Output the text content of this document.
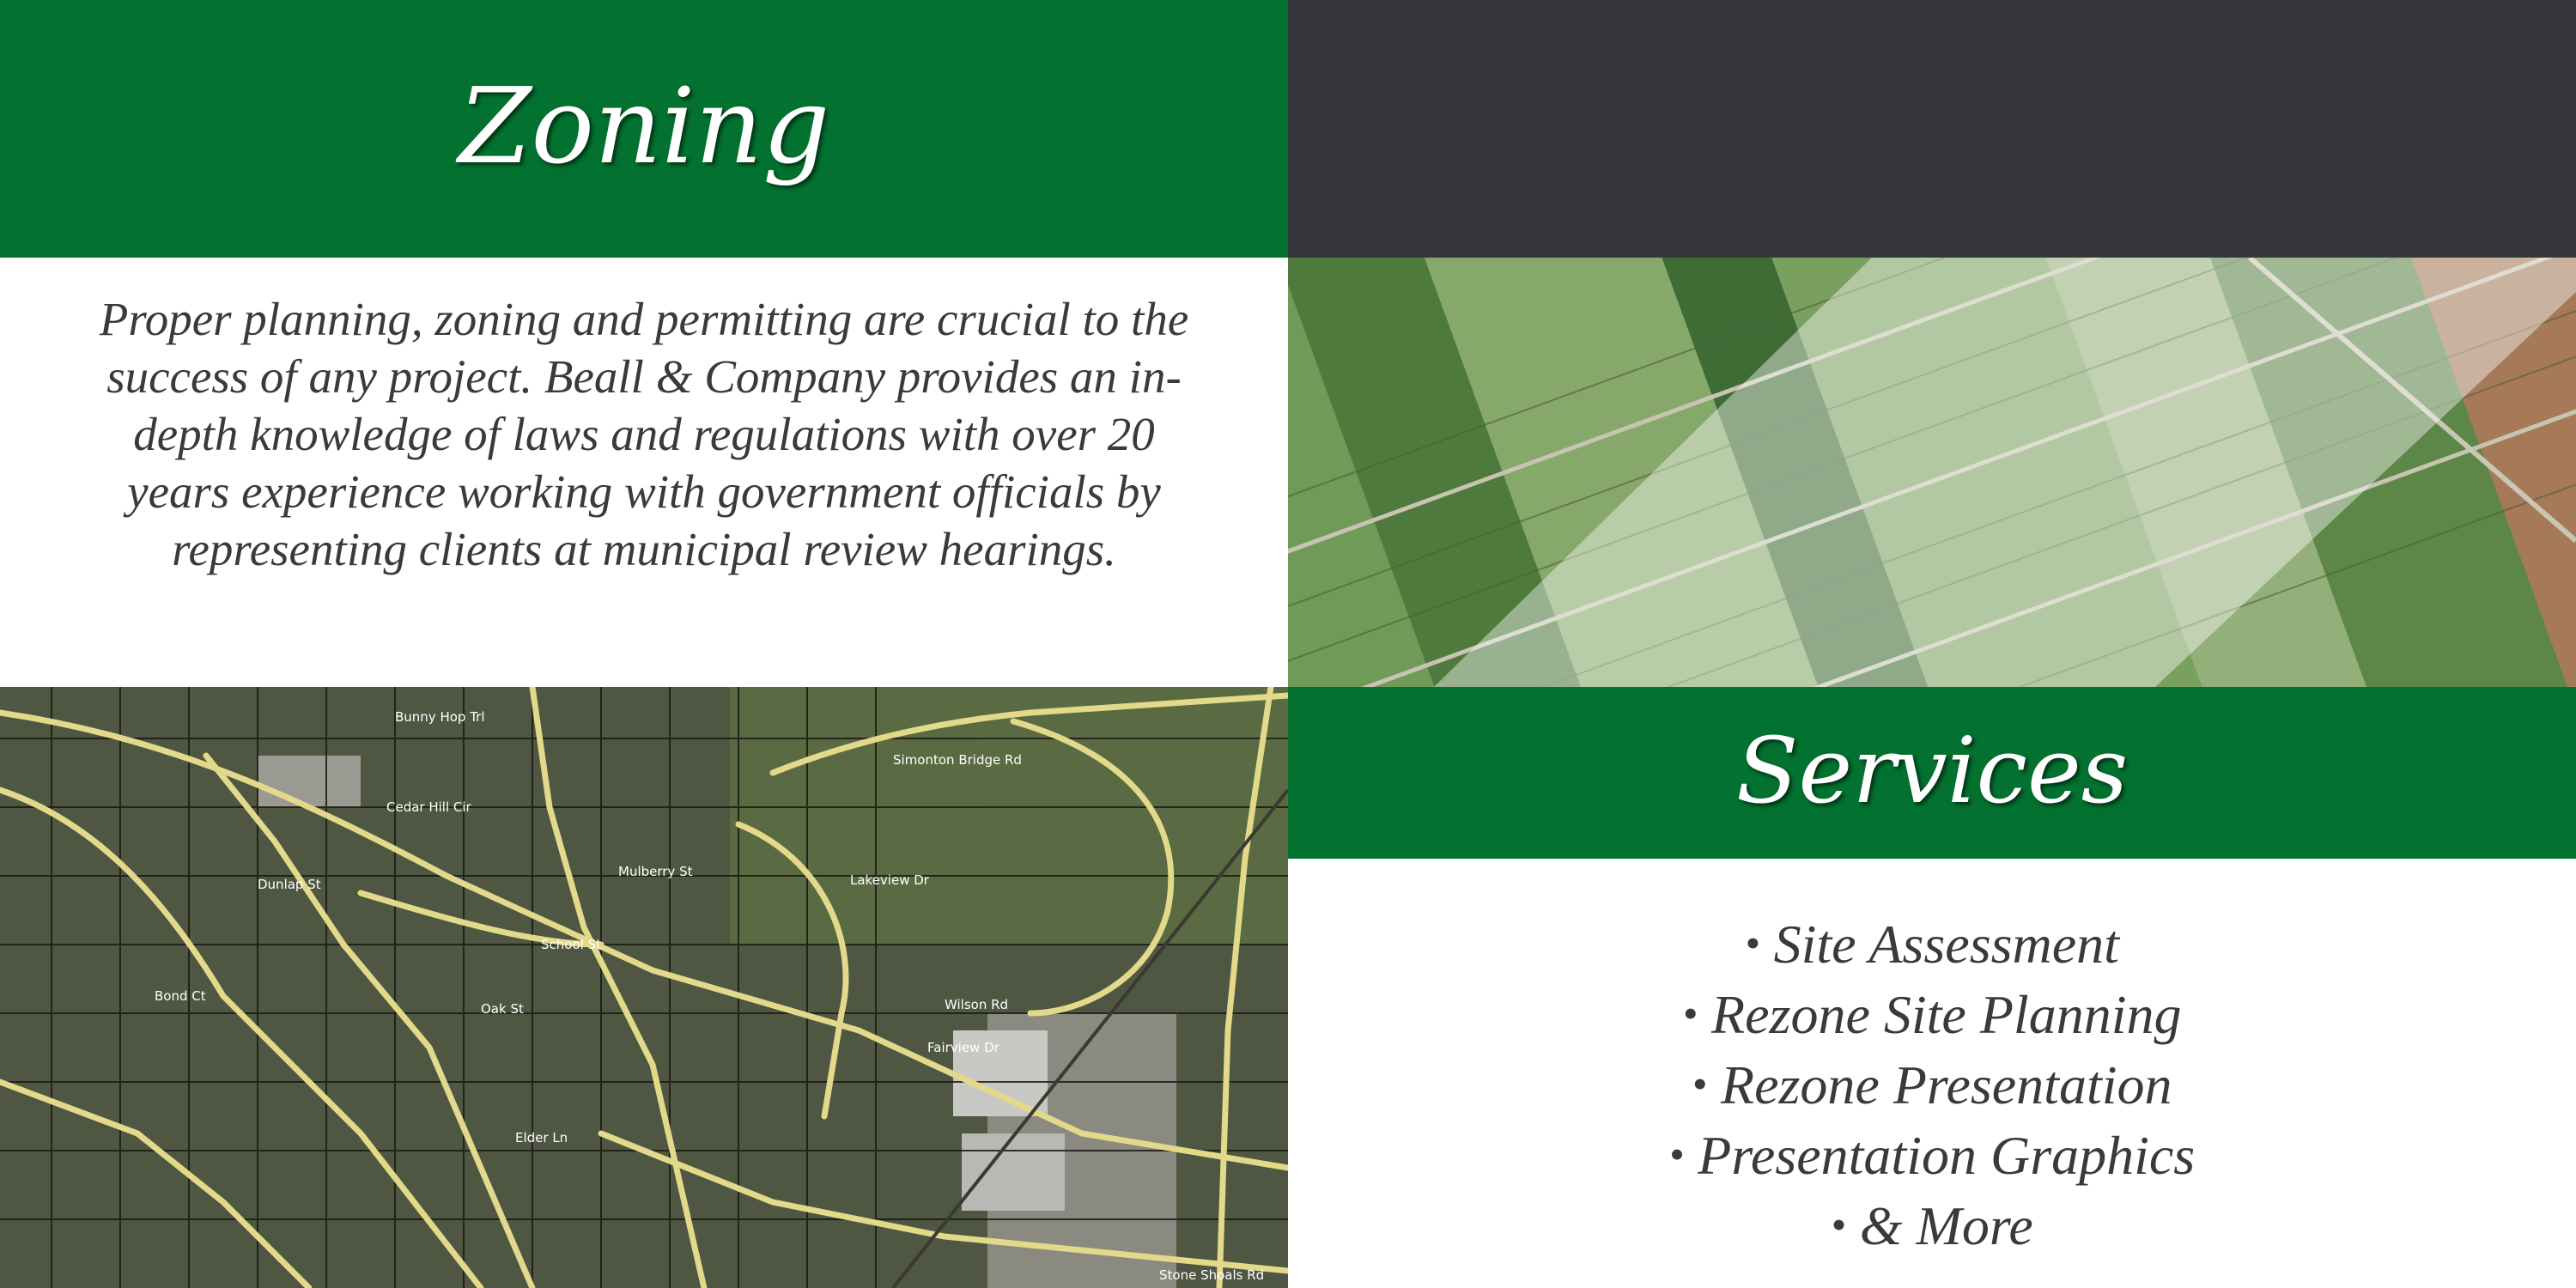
Zoning
Proper planning, zoning and permitting are crucial to the success of any project. Beall & Company provides an in-depth knowledge of laws and regulations with over 20 years experience working with government officials by representing clients at municipal review hearings.
Bunny Hop Trl
Cedar Hill Cir
Mulberry St
School St
Wilson Rd
Simonton Bridge Rd
Lakeview Dr
Fairview Dr
Elder Ln
Stone Shoals Rd
Oak St
Bond Ct
Dunlap St
Services
• Site Assessment
• Rezone Site Planning
• Rezone Presentation
• Presentation Graphics
• & More
